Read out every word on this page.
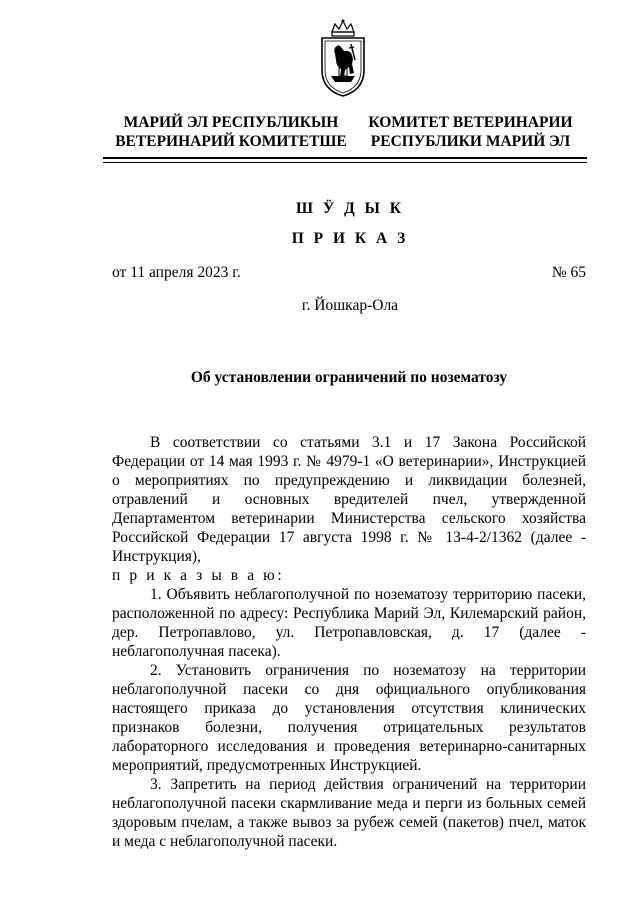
МАРИЙ ЭЛ РЕСПУБЛИКЫН
ВЕТЕРИНАРИЙ КОМИТЕТШЕ
КОМИТЕТ ВЕТЕРИНАРИИ
РЕСПУБЛИКИ МАРИЙ ЭЛ
Ш Ӱ Д Ы К
П Р И К А З
от 11 апреля 2023 г.	№ 65
г. Йошкар-Ола
Об установлении ограничений по нозематозу

В соответствии со статьями 3.1 и 17 Закона Российской Федерации от 14 мая 1993 г. № 4979-1 «О ветеринарии», Инструкцией о мероприятиях по предупреждению и ликвидации болезней, отравлений и основных вредителей пчел, утвержденной Департаментом ветеринарии Министерства сельского хозяйства Российской Федерации 17 августа 1998 г. № 13-4-2/1362 (далее - Инструкция),

п р и к а з ы в а ю:

1. Объявить неблагополучной по нозематозу территорию пасеки, расположенной по адресу: Республика Марий Эл, Килемарский район, дер. Петропавлово, ул. Петропавловская, д. 17 (далее - неблагополучная пасека).

2. Установить ограничения по нозематозу на территории неблагополучной пасеки со дня официального опубликования настоящего приказа до установления отсутствия клинических признаков болезни, получения отрицательных результатов лабораторного исследования и проведения ветеринарно-санитарных мероприятий, предусмотренных Инструкцией.

3. Запретить на период действия ограничений на территории неблагополучной пасеки скармливание меда и перги из больных семей здоровым пчелам, а также вывоз за рубеж семей (пакетов) пчел, маток и меда с неблагополучной пасеки.
